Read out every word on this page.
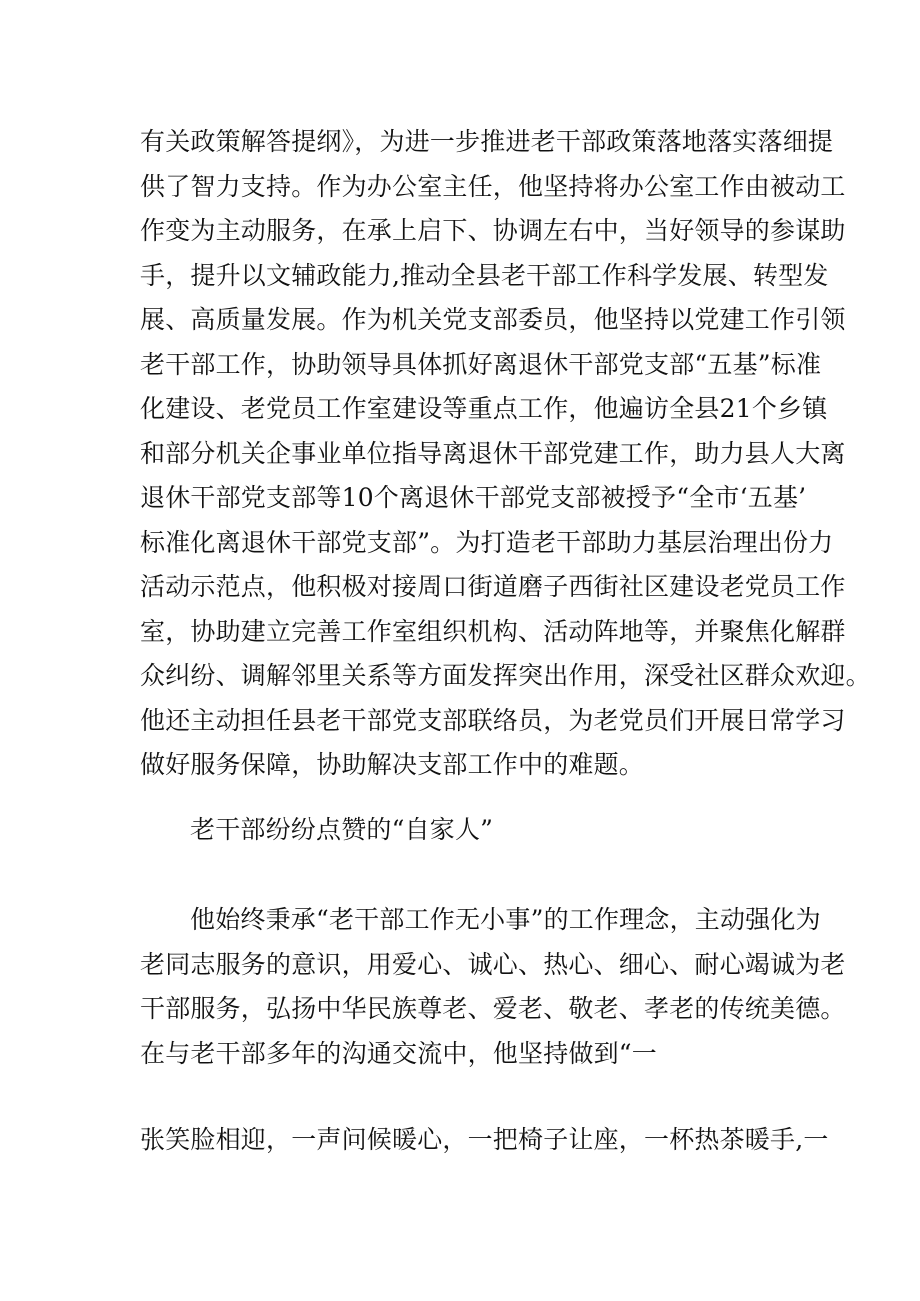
有关政策解答提纲》，为进一步推进老干部政策落地落实落细提
供了智力支持。作为办公室主任，他坚持将办公室工作由被动工
作变为主动服务，在承上启下、协调左右中，当好领导的参谋助
手，提升以文辅政能力,推动全县老干部工作科学发展、转型发
展、高质量发展。作为机关党支部委员，他坚持以党建工作引领
老干部工作，协助领导具体抓好离退休干部党支部“五基”标准
化建设、老党员工作室建设等重点工作，他遍访全县21个乡镇
和部分机关企事业单位指导离退休干部党建工作，助力县人大离
退休干部党支部等10个离退休干部党支部被授予“全市‘五基’
标准化离退休干部党支部”。为打造老干部助力基层治理出份力
活动示范点，他积极对接周口街道磨子西街社区建设老党员工作
室，协助建立完善工作室组织机构、活动阵地等，并聚焦化解群
众纠纷、调解邻里关系等方面发挥突出作用，深受社区群众欢迎。
他还主动担任县老干部党支部联络员，为老党员们开展日常学习
做好服务保障，协助解决支部工作中的难题。
老干部纷纷点赞的“自家人”
他始终秉承“老干部工作无小事”的工作理念，主动强化为
老同志服务的意识，用爱心、诚心、热心、细心、耐心竭诚为老
干部服务，弘扬中华民族尊老、爱老、敬老、孝老的传统美德。
在与老干部多年的沟通交流中，他坚持做到“一
张笑脸相迎，一声问候暖心，一把椅子让座，一杯热茶暖手,一
